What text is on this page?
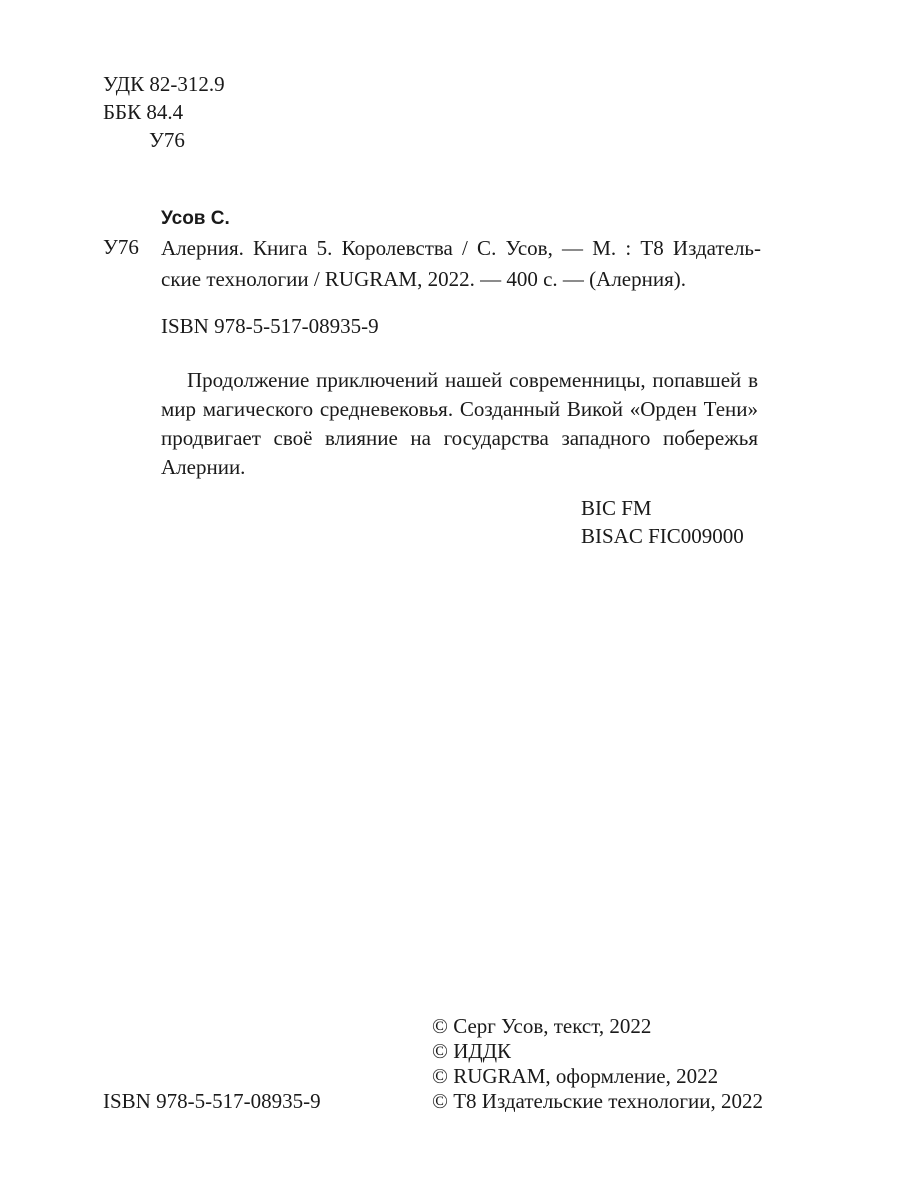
УДК 82-312.9
ББК 84.4
У76
Усов С.
У76 Алерния. Книга 5. Королевства / С. Усов, — М. : Т8 Издатель-
ские технологии / RUGRAM, 2022. — 400 с. — (Алерния).
ISBN 978-5-517-08935-9
Продолжение приключений нашей современницы, попавшей в
мир магического средневековья. Созданный Викой «Орден Тени»
продвигает своё влияние на государства западного побережья
Алернии.
BIC FM
BISAC FIC009000
© Серг Усов, текст, 2022
© ИДДК
© RUGRAM, оформление, 2022
© Т8 Издательские технологии, 2022
ISBN 978-5-517-08935-9
